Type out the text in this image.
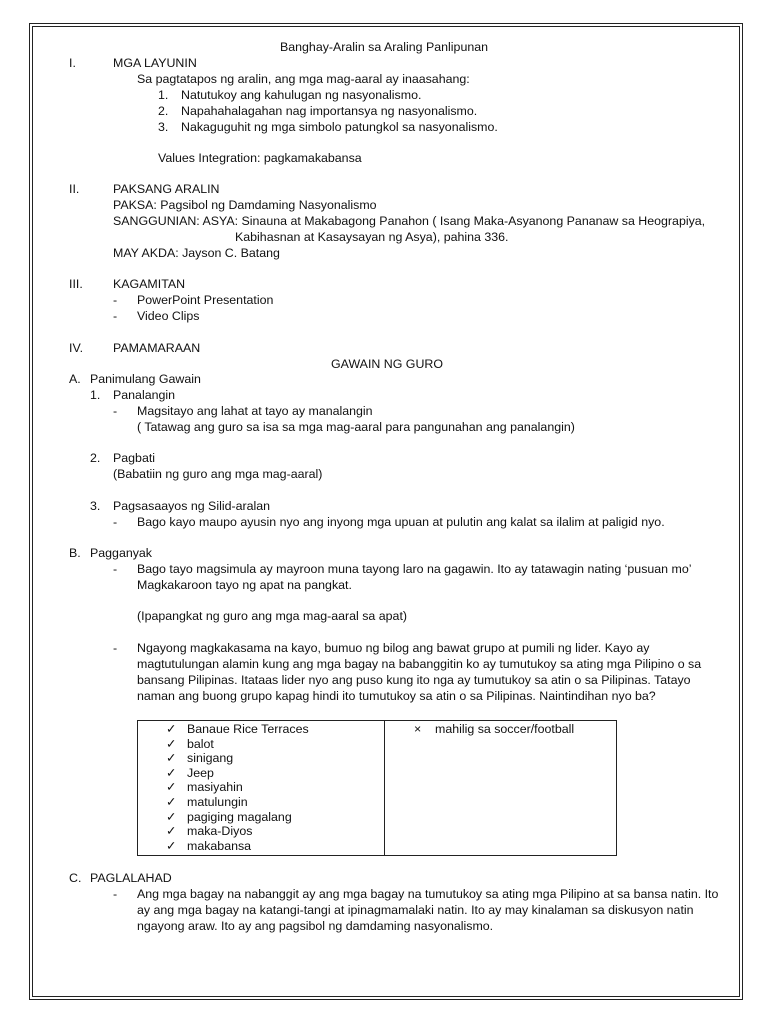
Banghay-Aralin sa Araling Panlipunan
I.	MGA LAYUNIN
Sa pagtatapos ng aralin, ang mga mag-aaral ay inaasahang:
1. Natutukoy ang kahulugan ng nasyonalismo.
2. Napahahalagahan nag importansya ng nasyonalismo.
3. Nakaguguhit ng mga simbolo patungkol sa nasyonalismo.
Values Integration: pagkamakabansa
II.	PAKSANG ARALIN
PAKSA: Pagsibol ng Damdaming Nasyonalismo
SANGGUNIAN: ASYA: Sinauna at Makabagong Panahon ( Isang Maka-Asyanong Pananaw sa Heograpiya,
Kabihasnan at Kasaysayan ng Asya), pahina 336.
MAY AKDA: Jayson C. Batang
III. KAGAMITAN
- PowerPoint Presentation
- Video Clips
IV. PAMAMARAAN
GAWAIN NG GURO
A. Panimulang Gawain
1. Panalangin
- Magsitayo ang lahat at tayo ay manalangin
( Tatawag ang guro sa isa sa mga mag-aaral para pangunahan ang panalangin)
2. Pagbati
(Babatiin ng guro ang mga mag-aaral)
3. Pagsasaayos ng Silid-aralan
- Bago kayo maupo ayusin nyo ang inyong mga upuan at pulutin ang kalat sa ilalim at paligid nyo.
B. Pagganyak
- Bago tayo magsimula ay mayroon muna tayong laro na gagawin. Ito ay tatawagin nating ‘pusuan mo’
Magkakaroon tayo ng apat na pangkat.
(Ipapangkat ng guro ang mga mag-aaral sa apat)
- Ngayong magkakasama na kayo, bumuo ng bilog ang bawat grupo at pumili ng lider. Kayo ay
magtutulungan alamin kung ang mga bagay na babanggitin ko ay tumutukoy sa ating mga Pilipino o sa
bansang Pilipinas. Itataas lider nyo ang puso kung ito nga ay tumutukoy sa atin o sa Pilipinas. Tatayo
naman ang buong grupo kapag hindi ito tumutukoy sa atin o sa Pilipinas. Naintindihan nyo ba?
✓ Banaue Rice Terraces
✓ balot
✓ sinigang
✓ Jeep
✓ masiyahin
✓ matulungin
✓ pagiging magalang
✓ maka-Diyos
✓ makabansa
× mahilig sa soccer/football
C. PAGLALAHAD
- Ang mga bagay na nabanggit ay ang mga bagay na tumutukoy sa ating mga Pilipino at sa bansa natin. Ito
ay ang mga bagay na katangi-tangi at ipinagmamalaki natin. Ito ay may kinalaman sa diskusyon natin
ngayong araw. Ito ay ang pagsibol ng damdaming nasyonalismo.
